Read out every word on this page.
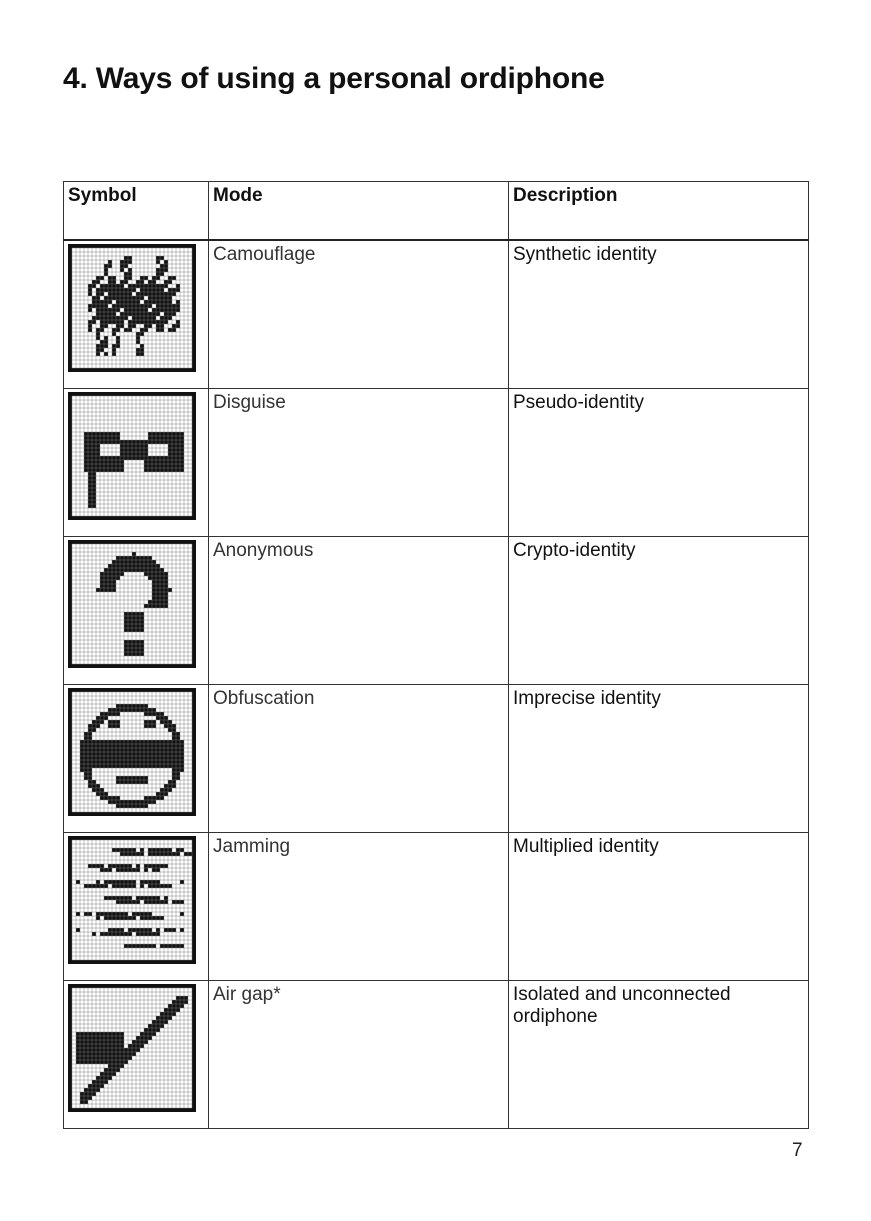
4. Ways of using a personal ordiphone
Symbol	Mode	Description

	Camouflage	Synthetic identity

	Disguise	Pseudo-identity

	Anonymous	Crypto-identity

	Obfuscation	Imprecise identity

	Jamming	Multiplied identity

	Air gap*	Isolated and unconnected ordiphone
7
